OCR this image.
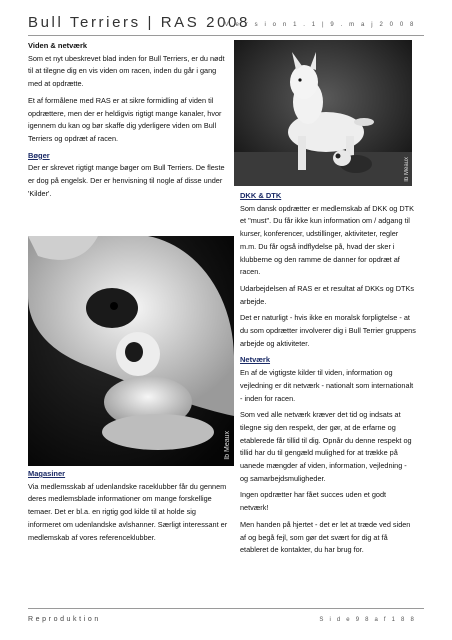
Bull Terriers | RAS 2008
V e r s i o n 1 . 1 | 9 . m a j 2 0 0 8
Viden & netværk

Som et nyt ubeskrevet blad inden for Bull Terriers, er du nødt til at tilegne dig en vis viden om racen, inden du går i gang med at opdrætte.

Et af formålene med RAS er at sikre formidling af viden til opdrættere, men der er heldigvis rigtigt mange kanaler, hvor igennem du kan og bør skaffe dig yderligere viden om Bull Terriers og opdræt af racen.

Bøger

Der er skrevet rigtigt mange bøger om Bull Terriers. De fleste er dog på engelsk. Der er henvisning til nogle af disse under 'Kilder'.

Ib Meaux
DKK & DTK

Som dansk opdrætter er medlemskab af DKK og DTK et "must". Du får ikke kun information om / adgang til kurser, konferencer, udstillinger, aktiviteter, regler m.m. Du får også indflydelse på, hvad der sker i klubberne og den ramme de danner for opdræt af racen.

Udarbejdelsen af RAS er et resultat af DKKs og DTKs arbejde.

Det er naturligt - hvis ikke en moralsk forpligtelse - at du som opdrætter involverer dig i Bull Terrier gruppens arbejde og aktiviteter.

Netværk

En af de vigtigste kilder til viden, information og vejledning er dit netværk - nationalt som internationalt - inden for racen.

Som ved alle netværk kræver det tid og indsats at tilegne sig den respekt, der gør, at de erfarne og etablerede får tillid til dig. Opnår du denne respekt og tillid har du til gengæld mulighed for at trække på uanede mængder af viden, information, vejledning - og samarbejdsmuligheder.

Ingen opdrætter har fået succes uden et godt netværk!

Men handen på hjertet - det er let at træde ved siden af og begå fejl, som gør det svært for dig at få etableret de kontakter, du har brug for.

Ib Meaux
Magasiner

Via medlemsskab af udenlandske raceklubber får du gennem deres medlemsblade informationer om mange forskellige temaer. Det er bl.a. en rigtig god kilde til at holde sig informeret om udenlandske avlshanner. Særligt interessant er medlemskab af vores referenceklubber.

Reproduktion	S i d e 9 8 a f 1 8 8
